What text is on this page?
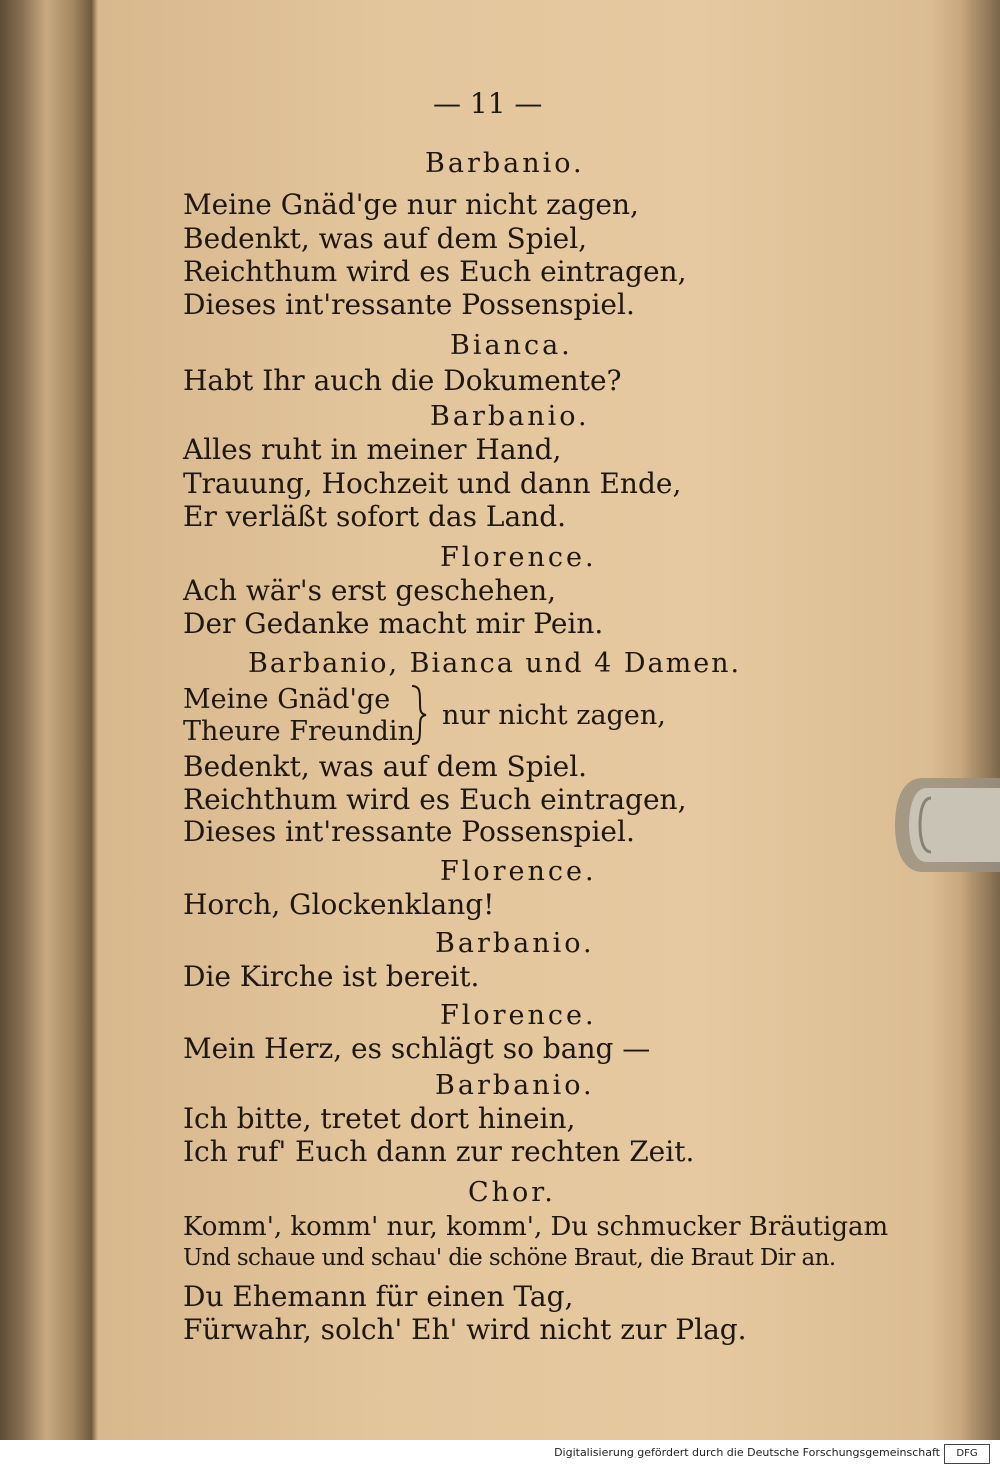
— 11 —
Barbanio.
Meine Gnäd'ge nur nicht zagen,
Bedenkt, was auf dem Spiel,
Reichthum wird es Euch eintragen,
Dieses int'ressante Possenspiel.
Bianca.
Habt Ihr auch die Dokumente?
Barbanio.
Alles ruht in meiner Hand,
Trauung, Hochzeit und dann Ende,
Er verläßt sofort das Land.
Florence.
Ach wär's erst geschehen,
Der Gedanke macht mir Pein.
Barbanio, Bianca und 4 Damen.
Meine Gnäd'ge
Theure Freundin
nur nicht zagen,
Bedenkt, was auf dem Spiel.
Reichthum wird es Euch eintragen,
Dieses int'ressante Possenspiel.
Florence.
Horch, Glockenklang!
Barbanio.
Die Kirche ist bereit.
Florence.
Mein Herz, es schlägt so bang —
Barbanio.
Ich bitte, tretet dort hinein,
Ich ruf' Euch dann zur rechten Zeit.
Chor.
Komm', komm' nur, komm', Du schmucker Bräutigam
Und schaue und schau' die schöne Braut, die Braut Dir an.
Du Ehemann für einen Tag,
Fürwahr, solch' Eh' wird nicht zur Plag.
Digitalisierung gefördert durch die Deutsche Forschungsgemeinschaft	DFG
